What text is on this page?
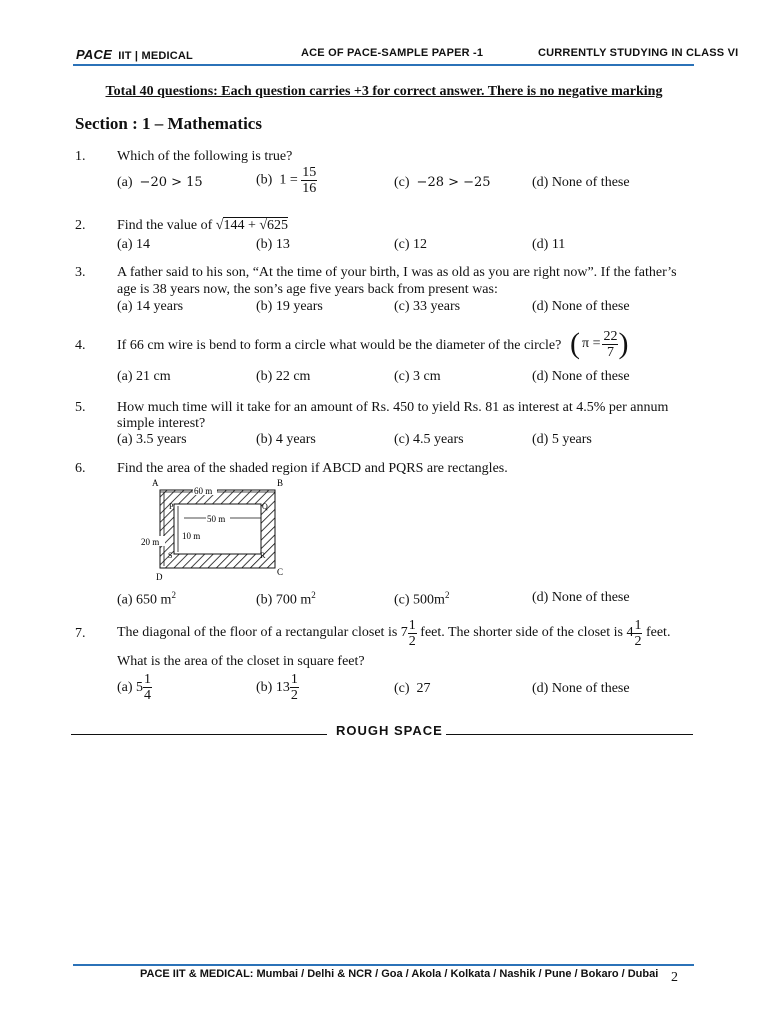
PACE IIT | MEDICAL	ACE OF PACE-SAMPLE PAPER -1	CURRENTLY STUDYING IN CLASS VI
Total 40 questions: Each question carries +3 for correct answer. There is no negative marking
Section : 1 – Mathematics
1. Which of the following is true?
(a) −20 > 15	(b) $1 = \frac{15}{16}$	(c) −28 > −25	(d) None of these
2. Find the value of √144 + √625
(a) 14	(b) 13	(c) 12	(d) 11
3. A father said to his son, “At the time of your birth, I was as old as you are right now”. If the father’s
age is 38 years now, the son’s age five years back from present was:
(a) 14 years	(b) 19 years	(c) 33 years	(d) None of these
4. If 66 cm wire is bend to form a circle what would be the diameter of the circle? ( $\pi = \frac{22}{7}$ )
(a) 21 cm	(b) 22 cm	(c) 3 cm	(d) None of these
5. How much time will it take for an amount of Rs. 450 to yield Rs. 81 as interest at 4.5% per annum
simple interest?
(a) 3.5 years	(b) 4 years	(c) 4.5 years	(d) 5 years
6. Find the area of the shaded region if ABCD and PQRS are rectangles.
A	B
C
D
P	Q
R
S
60 m
50 m
10 m
20 m
(a) 650 $m^2$	(b) 700 $m^2$	(c) $500m^2$	(d) None of these
7. The diagonal of the floor of a rectangular closet is
$7 \frac{1}{2}$
feet. The shorter side of the closet is
$4 \frac{1}{2}$
feet.
What is the area of the closet in square feet?
(a)
$5 \frac{1}{4}$	(b)
$13 \frac{1}{2}$	(c)  27	(d) None of these
ROUGH SPACE
PACE IIT & MEDICAL: Mumbai / Delhi & NCR / Goa / Akola / Kolkata / Nashik / Pune / Bokaro / Dubai 2
